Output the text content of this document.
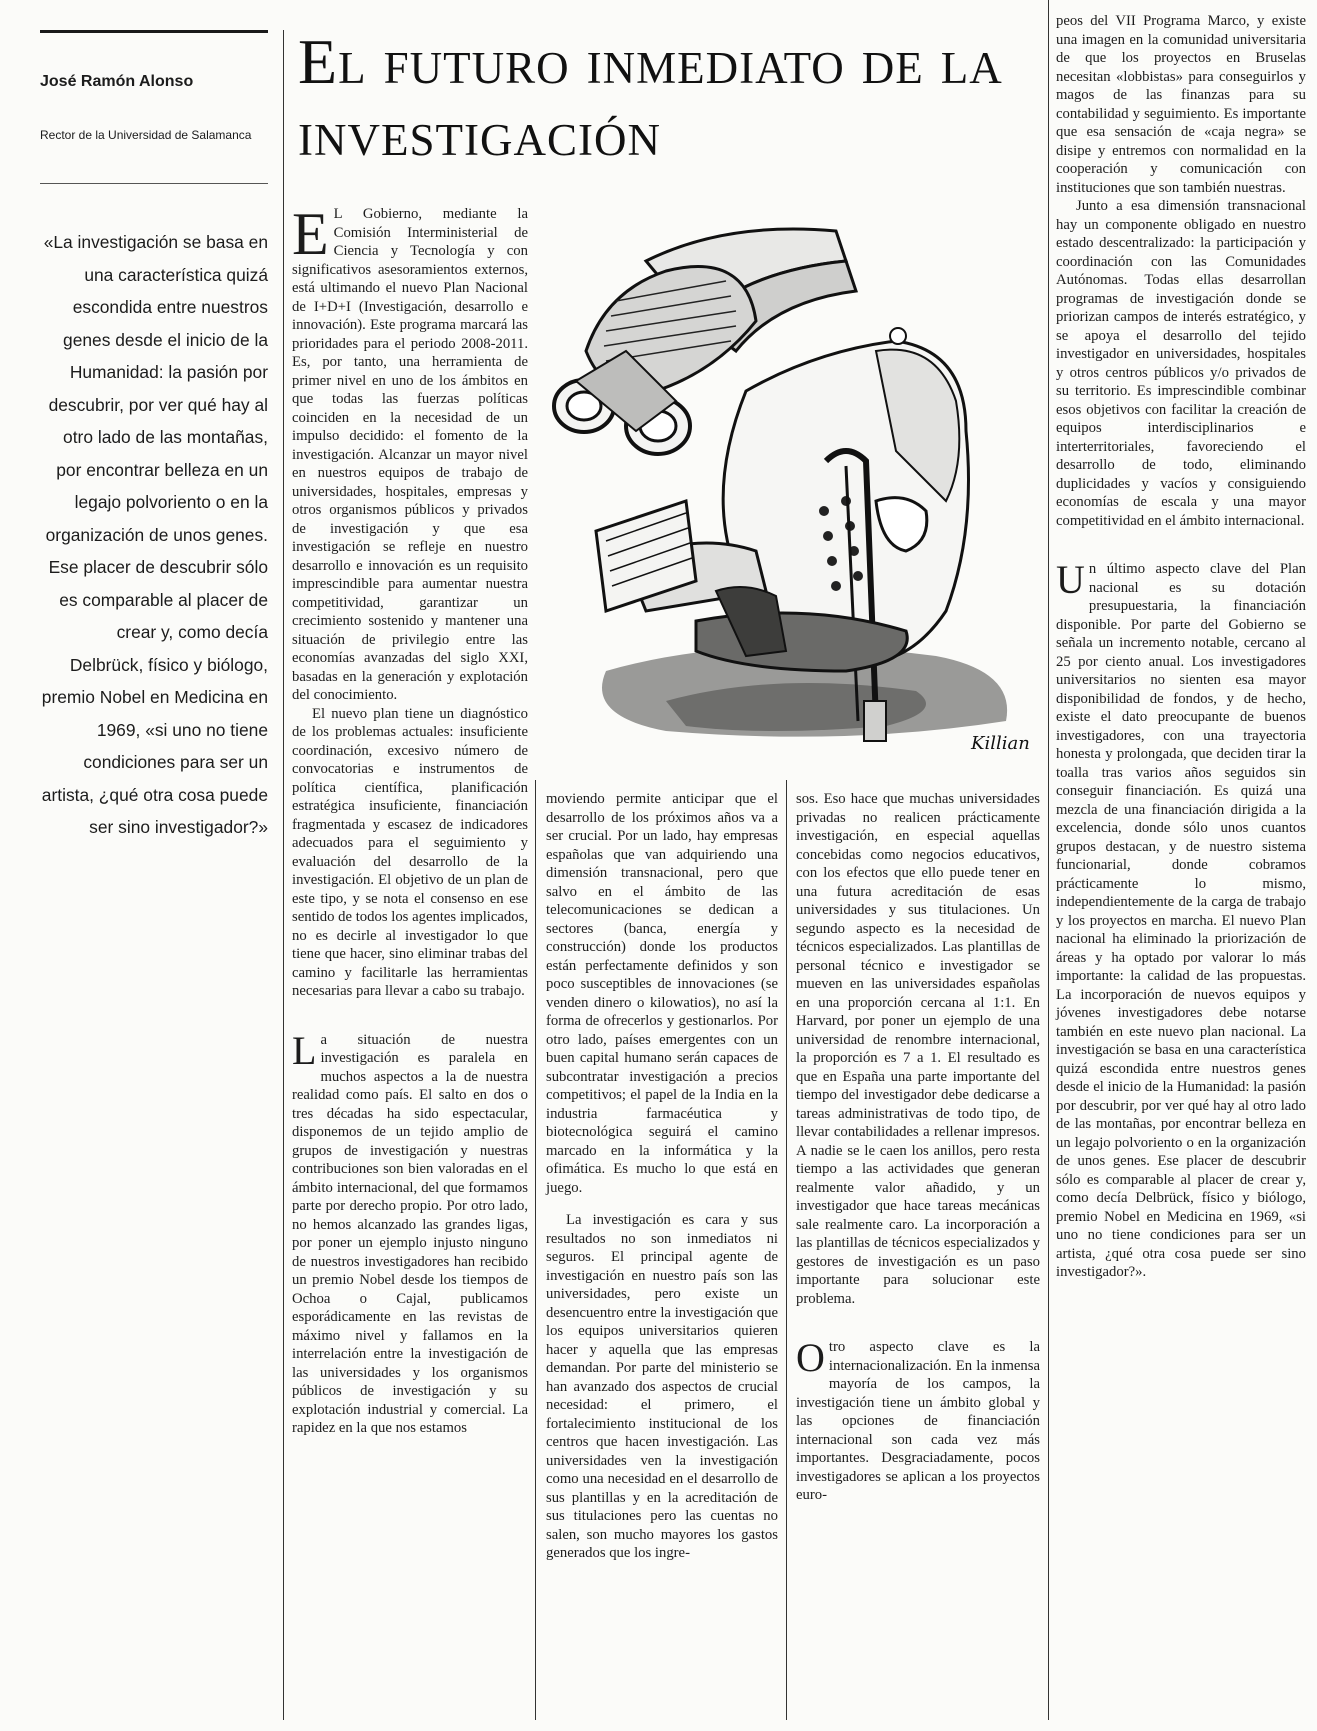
José Ramón Alonso
Rector de la Universidad de Salamanca

«La investigación se basa en una característica quizá escondida entre nuestros genes desde el inicio de la Humanidad: la pasión por descubrir, por ver qué hay al otro lado de las montañas, por encontrar belleza en un legajo polvoriento o en la organización de unos genes. Ese placer de descubrir sólo es comparable al placer de crear y, como decía Delbrück, físico y biólogo, premio Nobel en Medicina en 1969, «si uno no tiene condiciones para ser un artista, ¿qué otra cosa puede ser sino investigador?»

El futuro inmediato de la investigación

E L Gobierno, mediante la Comisión Interministerial de Ciencia y Tecnología y con significativos asesoramientos externos, está ultimando el nuevo Plan Nacional de I+D+I (Investigación, desarrollo e innovación). Este programa marcará las prioridades para el periodo 2008-2011. Es, por tanto, una herramienta de primer nivel en uno de los ámbitos en que todas las fuerzas políticas coinciden en la necesidad de un impulso decidido: el fomento de la investigación. Alcanzar un mayor nivel en nuestros equipos de trabajo de universidades, hospitales, empresas y otros organismos públicos y privados de investigación y que esa investigación se refleje en nuestro desarrollo e innovación es un requisito imprescindible para aumentar nuestra competitividad, garantizar un crecimiento sostenido y mantener una situación de privilegio entre las economías avanzadas del siglo XXI, basadas en la generación y explotación del conocimiento.

El nuevo plan tiene un diagnóstico de los problemas actuales: insuficiente coordinación, excesivo número de convocatorias e instrumentos de política científica, planificación estratégica insuficiente, financiación fragmentada y escasez de indicadores adecuados para el seguimiento y evaluación del desarrollo de la investigación. El objetivo de un plan de este tipo, y se nota el consenso en ese sentido de todos los agentes implicados, no es decirle al investigador lo que tiene que hacer, sino eliminar trabas del camino y facilitarle las herramientas necesarias para llevar a cabo su trabajo.

La situación de nuestra investigación es paralela en muchos aspectos a la de nuestra realidad como país. El salto en dos o tres décadas ha sido espectacular, disponemos de un tejido amplio de grupos de investigación y nuestras contribuciones son bien valoradas en el ámbito internacional, del que formamos parte por derecho propio. Por otro lado, no hemos alcanzado las grandes ligas, por poner un ejemplo injusto ninguno de nuestros investigadores han recibido un premio Nobel desde los tiempos de Ochoa o Cajal, publicamos esporádicamente en las revistas de máximo nivel y fallamos en la interrelación entre la investigación de las universidades y los organismos públicos de investigación y su explotación industrial y comercial. La rapidez en la que nos estamos

Killian

moviendo permite anticipar que el desarrollo de los próximos años va a ser crucial. Por un lado, hay empresas españolas que van adquiriendo una dimensión transnacional, pero que salvo en el ámbito de las telecomunicaciones se dedican a sectores (banca, energía y construcción) donde los productos están perfectamente definidos y son poco susceptibles de innovaciones (se venden dinero o kilowatios), no así la forma de ofrecerlos y gestionarlos. Por otro lado, países emergentes con un buen capital humano serán capaces de subcontratar investigación a precios competitivos; el papel de la India en la industria farmacéutica y biotecnológica seguirá el camino marcado en la informática y la ofimática. Es mucho lo que está en juego.

La investigación es cara y sus resultados no son inmediatos ni seguros. El principal agente de investigación en nuestro país son las universidades, pero existe un desencuentro entre la investigación que los equipos universitarios quieren hacer y aquella que las empresas demandan. Por parte del ministerio se han avanzado dos aspectos de crucial necesidad: el primero, el fortalecimiento institucional de los centros que hacen investigación. Las universidades ven la investigación como una necesidad en el desarrollo de sus plantillas y en la acreditación de sus titulaciones pero las cuentas no salen, son mucho mayores los gastos generados que los ingre-

sos. Eso hace que muchas universidades privadas no realicen prácticamente investigación, en especial aquellas concebidas como negocios educativos, con los efectos que ello puede tener en una futura acreditación de esas universidades y sus titulaciones. Un segundo aspecto es la necesidad de técnicos especializados. Las plantillas de personal técnico e investigador se mueven en las universidades españolas en una proporción cercana al 1:1. En Harvard, por poner un ejemplo de una universidad de renombre internacional, la proporción es 7 a 1. El resultado es que en España una parte importante del tiempo del investigador debe dedicarse a tareas administrativas de todo tipo, de llevar contabilidades a rellenar impresos. A nadie se le caen los anillos, pero resta tiempo a las actividades que generan realmente valor añadido, y un investigador que hace tareas mecánicas sale realmente caro. La incorporación a las plantillas de técnicos especializados y gestores de investigación es un paso importante para solucionar este problema.

Otro aspecto clave es la internacionalización. En la inmensa mayoría de los campos, la investigación tiene un ámbito global y las opciones de financiación internacional son cada vez más importantes. Desgraciadamente, pocos investigadores se aplican a los proyectos euro-

peos del VII Programa Marco, y existe una imagen en la comunidad universitaria de que los proyectos en Bruselas necesitan «lobbistas» para conseguirlos y magos de las finanzas para su contabilidad y seguimiento. Es importante que esa sensación de «caja negra» se disipe y entremos con normalidad en la cooperación y comunicación con instituciones que son también nuestras.

Junto a esa dimensión transnacional hay un componente obligado en nuestro estado descentralizado: la participación y coordinación con las Comunidades Autónomas. Todas ellas desarrollan programas de investigación donde se priorizan campos de interés estratégico, y se apoya el desarrollo del tejido investigador en universidades, hospitales y otros centros públicos y/o privados de su territorio. Es imprescindible combinar esos objetivos con facilitar la creación de equipos interdisciplinarios e interterritoriales, favoreciendo el desarrollo de todo, eliminando duplicidades y vacíos y consiguiendo economías de escala y una mayor competitividad en el ámbito internacional.

Un último aspecto clave del Plan nacional es su dotación presupuestaria, la financiación disponible. Por parte del Gobierno se señala un incremento notable, cercano al 25 por ciento anual. Los investigadores universitarios no sienten esa mayor disponibilidad de fondos, y de hecho, existe el dato preocupante de buenos investigadores, con una trayectoria honesta y prolongada, que deciden tirar la toalla tras varios años seguidos sin conseguir financiación. Es quizá una mezcla de una financiación dirigida a la excelencia, donde sólo unos cuantos grupos destacan, y de nuestro sistema funcionarial, donde cobramos prácticamente lo mismo, independientemente de la carga de trabajo y los proyectos en marcha. El nuevo Plan nacional ha eliminado la priorización de áreas y ha optado por valorar lo más importante: la calidad de las propuestas. La incorporación de nuevos equipos y jóvenes investigadores debe notarse también en este nuevo plan nacional. La investigación se basa en una característica quizá escondida entre nuestros genes desde el inicio de la Humanidad: la pasión por descubrir, por ver qué hay al otro lado de las montañas, por encontrar belleza en un legajo polvoriento o en la organización de unos genes. Ese placer de descubrir sólo es comparable al placer de crear y, como decía Delbrück, físico y biólogo, premio Nobel en Medicina en 1969, «si uno no tiene condiciones para ser un artista, ¿qué otra cosa puede ser sino investigador?».
